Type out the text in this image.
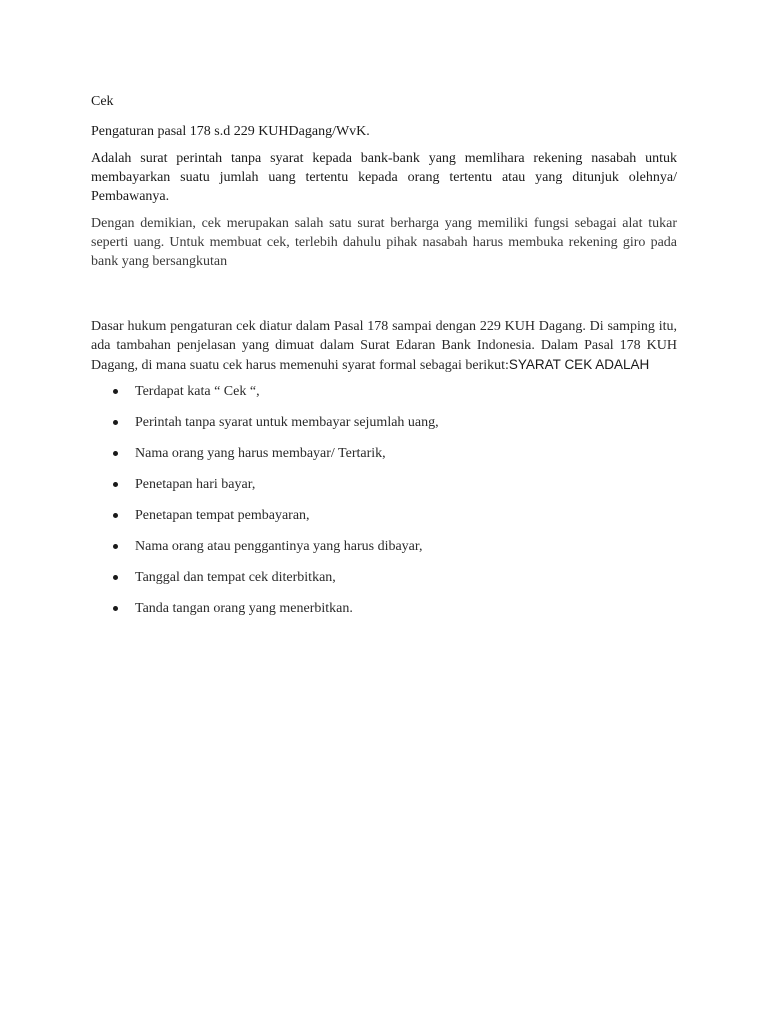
Cek

Pengaturan pasal 178 s.d 229 KUHDagang/WvK.

Adalah surat perintah tanpa syarat kepada bank-bank yang memlihara rekening nasabah untuk membayarkan suatu jumlah uang tertentu kepada orang tertentu atau yang ditunjuk olehnya/ Pembawanya.

Dengan demikian, cek merupakan salah satu surat berharga yang memiliki fungsi sebagai alat tukar seperti uang. Untuk membuat cek, terlebih dahulu pihak nasabah harus membuka rekening giro pada bank yang bersangkutan

Dasar hukum pengaturan cek diatur dalam Pasal 178 sampai dengan 229 KUH Dagang. Di samping itu, ada tambahan penjelasan yang dimuat dalam Surat Edaran Bank Indonesia. Dalam Pasal 178 KUH Dagang, di mana suatu cek harus memenuhi syarat formal sebagai berikut:SYARAT CEK ADALAH

Terdapat kata “ Cek “,
Perintah tanpa syarat untuk membayar sejumlah uang,
Nama orang yang harus membayar/ Tertarik,
Penetapan hari bayar,
Penetapan tempat pembayaran,
Nama orang atau penggantinya yang harus dibayar,
Tanggal dan tempat cek diterbitkan,
Tanda tangan orang yang menerbitkan.
